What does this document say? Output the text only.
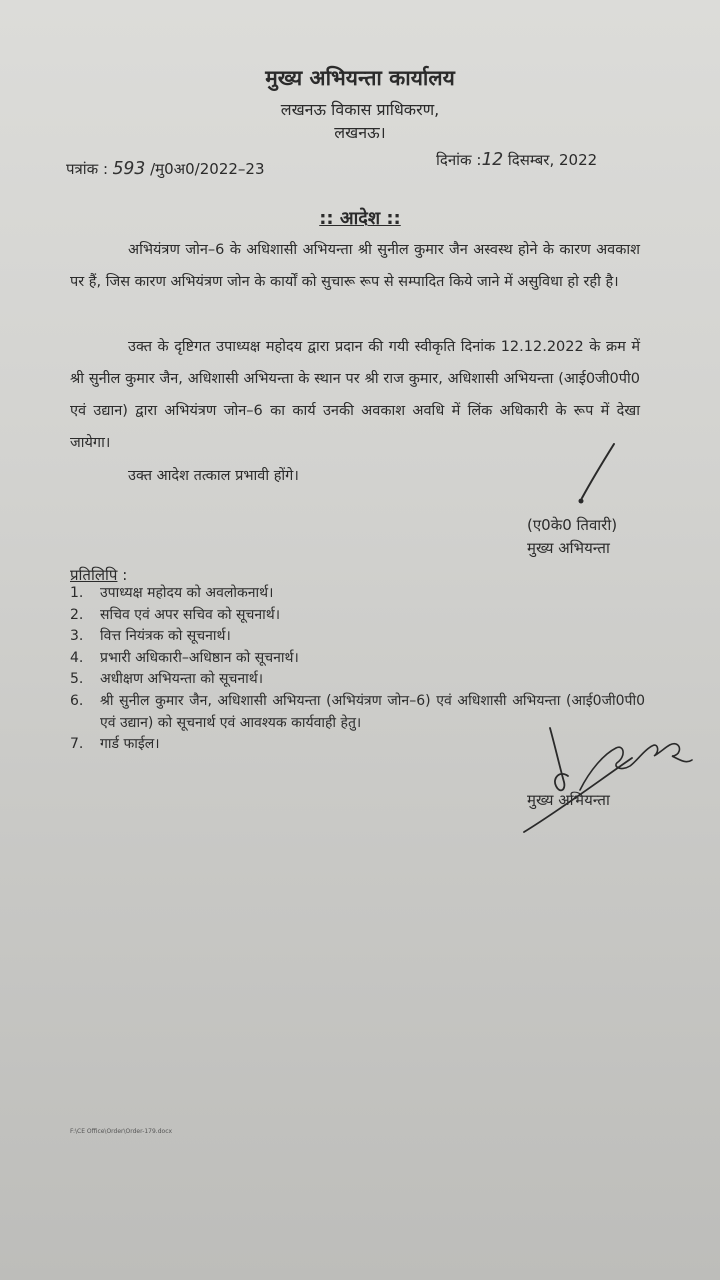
मुख्य अभियन्ता कार्यालय
लखनऊ विकास प्राधिकरण,
लखनऊ।
पत्रांक : 593 /मु0अ0/2022–23	दिनांक :12 दिसम्बर, 2022
:: आदेश ::
अभियंत्रण जोन–6 के अधिशासी अभियन्ता श्री सुनील कुमार जैन अस्वस्थ होने के कारण अवकाश पर हैं, जिस कारण अभियंत्रण जोन के कार्यों को सुचारू रूप से सम्पादित किये जाने में असुविधा हो रही है।
उक्त के दृष्टिगत उपाध्यक्ष महोदय द्वारा प्रदान की गयी स्वीकृति दिनांक 12.12.2022 के क्रम में श्री सुनील कुमार जैन, अधिशासी अभियन्ता के स्थान पर श्री राज कुमार, अधिशासी अभियन्ता (आई0जी0पी0 एवं उद्यान) द्वारा अभियंत्रण जोन–6 का कार्य उनकी अवकाश अवधि में लिंक अधिकारी के रूप में देखा जायेगा।
उक्त आदेश तत्काल प्रभावी होंगे।
(ए0के0 तिवारी)
मुख्य अभियन्ता
प्रतिलिपि :
1.	उपाध्यक्ष महोदय को अवलोकनार्थ।
2.	सचिव एवं अपर सचिव को सूचनार्थ।
3.	वित्त नियंत्रक को सूचनार्थ।
4.	प्रभारी अधिकारी–अधिष्ठान को सूचनार्थ।
5.	अधीक्षण अभियन्ता को सूचनार्थ।
6.	श्री सुनील कुमार जैन, अधिशासी अभियन्ता (अभियंत्रण जोन–6) एवं अधिशासी अभियन्ता (आई0जी0पी0 एवं उद्यान) को सूचनार्थ एवं आवश्यक कार्यवाही हेतु।
7.	गार्ड फाईल।
मुख्य अभियन्ता
F:\CE Office\Order\Order-179.docx
